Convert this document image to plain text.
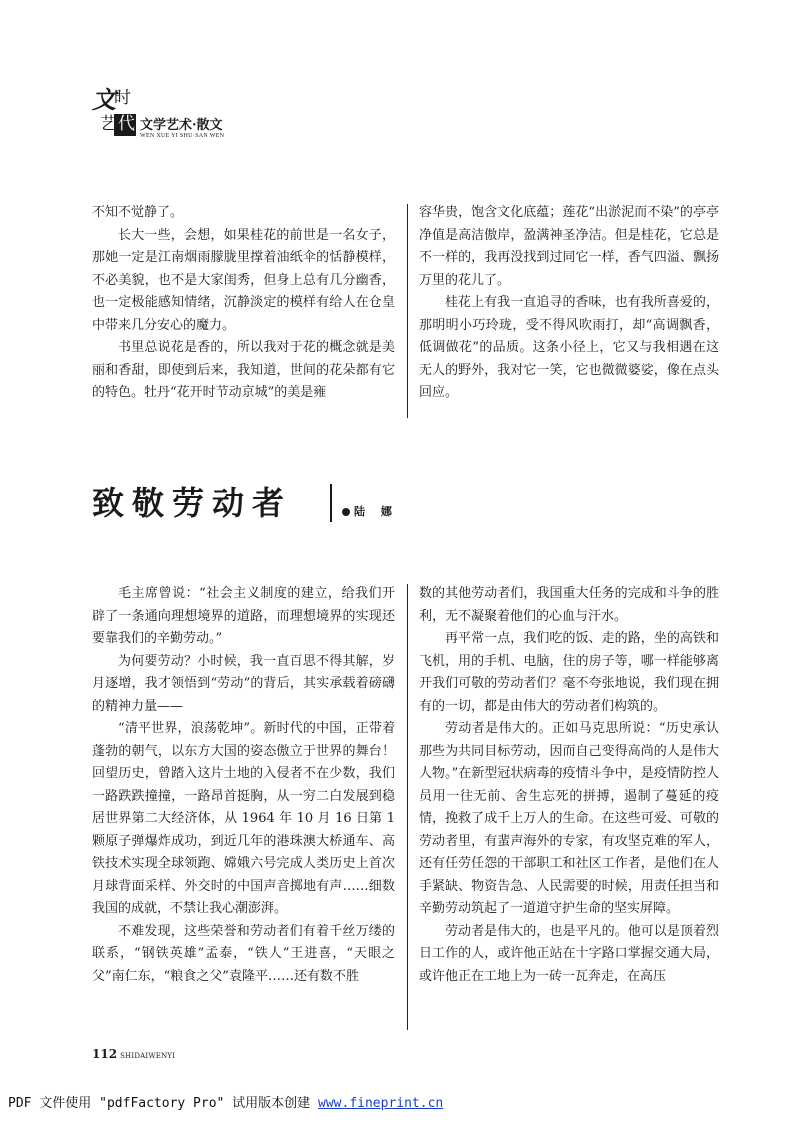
文
时
艺 代 文学艺术·散文
WEN XUE YI SHU·SAN WEN

不知不觉静了。

长大一些，会想，如果桂花的前世是一名女子，那她一定是江南烟雨朦胧里撑着油纸伞的恬静模样，不必美貌，也不是大家闺秀，但身上总有几分幽香，也一定极能感知情绪，沉静淡定的模样有给人在仓皇中带来几分安心的魔力。

书里总说花是香的，所以我对于花的概念就是美丽和香甜，即使到后来，我知道，世间的花朵都有它的特色。牡丹“花开时节动京城”的美是雍

容华贵，饱含文化底蕴；莲花“出淤泥而不染”的亭亭净值是高洁傲岸，盈满神圣净洁。但是桂花，它总是不一样的，我再没找到过同它一样，香气四溢、飘扬万里的花儿了。

桂花上有我一直追寻的香味，也有我所喜爱的，那明明小巧玲珑，受不得风吹雨打，却“高调飘香，低调做花”的品质。这条小径上，它又与我相遇在这无人的野外，我对它一笑，它也微微婆娑，像在点头回应。

致敬劳动者	陆 娜

毛主席曾说：“社会主义制度的建立，给我们开辟了一条通向理想境界的道路，而理想境界的实现还要靠我们的辛勤劳动。”

为何要劳动？小时候，我一直百思不得其解，岁月逐增，我才领悟到“劳动”的背后，其实承载着磅礴的精神力量——

“清平世界，浪荡乾坤”。新时代的中国，正带着蓬勃的朝气，以东方大国的姿态傲立于世界的舞台！回望历史，曾踏入这片土地的入侵者不在少数，我们一路跌跌撞撞，一路昂首挺胸，从一穷二白发展到稳居世界第二大经济体，从 1964 年 10 月 16 日第 1 颗原子弹爆炸成功，到近几年的港珠澳大桥通车、高铁技术实现全球领跑、嫦娥六号完成人类历史上首次月球背面采样、外交时的中国声音掷地有声……细数我国的成就，不禁让我心潮澎湃。

不难发现，这些荣誉和劳动者们有着千丝万缕的联系，“钢铁英雄”孟泰，“铁人”王进喜，“天眼之父”南仁东，“粮食之父”袁隆平……还有数不胜

数的其他劳动者们，我国重大任务的完成和斗争的胜利，无不凝聚着他们的心血与汗水。

再平常一点，我们吃的饭、走的路，坐的高铁和飞机，用的手机、电脑，住的房子等，哪一样能够离开我们可敬的劳动者们？毫不夸张地说，我们现在拥有的一切，都是由伟大的劳动者们构筑的。

劳动者是伟大的。正如马克思所说：“历史承认那些为共同目标劳动，因而自己变得高尚的人是伟大人物。”在新型冠状病毒的疫情斗争中，是疫情防控人员用一往无前、舍生忘死的拼搏，遏制了蔓延的疫情，挽救了成千上万人的生命。在这些可爱、可敬的劳动者里，有蜚声海外的专家，有攻坚克难的军人，还有任劳任怨的干部职工和社区工作者，是他们在人手紧缺、物资告急、人民需要的时候，用责任担当和辛勤劳动筑起了一道道守护生命的坚实屏障。

劳动者是伟大的，也是平凡的。他可以是顶着烈日工作的人，或许他正站在十字路口掌握交通大局，或许他正在工地上为一砖一瓦奔走，在高压

112 SHIDAIWENYI
PDF 文件使用 "pdfFactory Pro" 试用版本创建 www.fineprint.cn
